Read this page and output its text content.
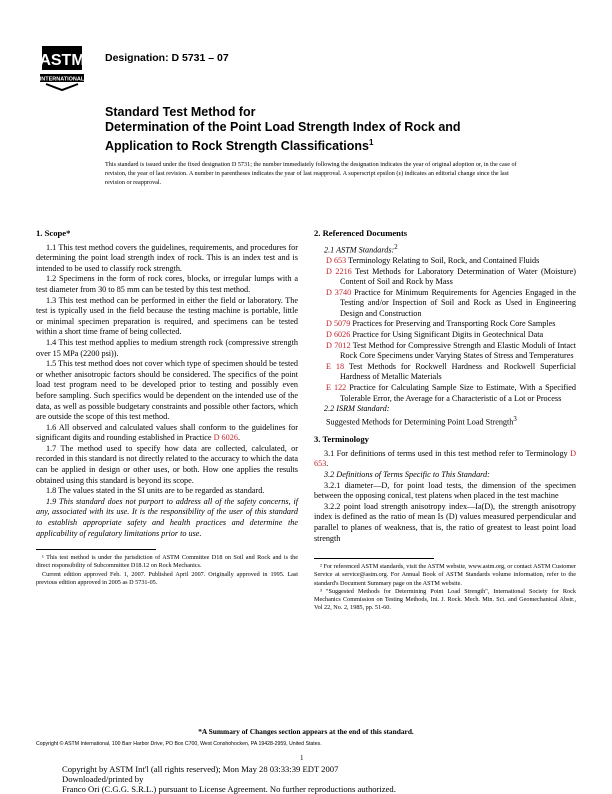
ASTM
INTERNATIONAL
Designation: D 5731 – 07
Standard Test Method for
Determination of the Point Load Strength Index of Rock and
Application to Rock Strength Classifications$^1$
This standard is issued under the fixed designation D 5731; the number immediately following the designation indicates the year of original adoption or, in the case of revision, the year of last revision. A number in parentheses indicates the year of last reapproval. A superscript epsilon (ε) indicates an editorial change since the last revision or reapproval.
1. Scope*

1.1 This test method covers the guidelines, requirements, and procedures for determining the point load strength index of rock. This is an index test and is intended to be used to classify rock strength.

1.2 Specimens in the form of rock cores, blocks, or irregular lumps with a test diameter from 30 to 85 mm can be tested by this test method.

1.3 This test method can be performed in either the field or laboratory. The test is typically used in the field because the testing machine is portable, little or minimal specimen preparation is required, and specimens can be tested within a short time frame of being collected.

1.4 This test method applies to medium strength rock (compressive strength over 15 MPa (2200 psi)).

1.5 This test method does not cover which type of specimen should be tested or whether anisotropic factors should be considered. The specifics of the point load test program need to be developed prior to testing and possibly even before sampling. Such specifics would be dependent on the intended use of the data, as well as possible budgetary constraints and possible other factors, which are outside the scope of this test method.

1.6 All observed and calculated values shall conform to the guidelines for significant digits and rounding established in Practice D 6026.

1.7 The method used to specify how data are collected, calculated, or recorded in this standard is not directly related to the accuracy to which the data can be applied in design or other uses, or both. How one applies the results obtained using this standard is beyond its scope.

1.8 The values stated in the SI units are to be regarded as standard.

1.9 This standard does not purport to address all of the safety concerns, if any, associated with its use. It is the responsibility of the user of this standard to establish appropriate safety and health practices and determine the applicability of regulatory limitations prior to use.

¹ This test method is under the jurisdiction of ASTM Committee D18 on Soil and Rock and is the direct responsibility of Subcommittee D18.12 on Rock Mechanics.

Current edition approved Feb. 1, 2007. Published April 2007. Originally approved in 1995. Last previous edition approved in 2005 as D 5731-05.

2. Referenced Documents

2.1 ASTM Standards:$^2$

D 653 Terminology Relating to Soil, Rock, and Contained Fluids
D 2216 Test Methods for Laboratory Determination of Water (Moisture) Content of Soil and Rock by Mass
D 3740 Practice for Minimum Requirements for Agencies Engaged in the Testing and/or Inspection of Soil and Rock as Used in Engineering Design and Construction
D 5079 Practices for Preserving and Transporting Rock Core Samples
D 6026 Practice for Using Significant Digits in Geotechnical Data
D 7012 Test Method for Compressive Strength and Elastic Moduli of Intact Rock Core Specimens under Varying States of Stress and Temperatures
E 18 Test Methods for Rockwell Hardness and Rockwell Superficial Hardness of Metallic Materials
E 122 Practice for Calculating Sample Size to Estimate, With a Specified Tolerable Error, the Average for a Characteristic of a Lot or Process

2.2 ISRM Standard:

Suggested Methods for Determining Point Load Strength$^3$
3. Terminology

3.1 For definitions of terms used in this test method refer to Terminology D 653.

3.2 Definitions of Terms Specific to This Standard:

3.2.1 diameter—D, for point load tests, the dimension of the specimen between the opposing conical, test platens when placed in the test machine

3.2.2 point load strength anisotropy index—Ia(D), the strength anisotropy index is defined as the ratio of mean Is (D) values measured perpendicular and parallel to planes of weakness, that is, the ratio of greatest to least point load strength

² For referenced ASTM standards, visit the ASTM website, www.astm.org, or contact ASTM Customer Service at service@astm.org. For Annual Book of ASTM Standards volume information, refer to the standard's Document Summary page on the ASTM website.

³ "Suggested Methods for Determining Point Load Strength", International Society for Rock Mechanics Commission on Testing Methods, Int. J. Rock. Mech. Min. Sci. and Geomechanical Abstr., Vol 22, No. 2, 1985, pp. 51-60.

*A Summary of Changes section appears at the end of this standard.
Copyright © ASTM International, 100 Barr Harbor Drive, PO Box C700, West Conshohocken, PA 19428-2959, United States.
1
Copyright by ASTM Int'l (all rights reserved); Mon May 28 03:33:39 EDT 2007
Downloaded/printed by
Franco Ori (C.G.G. S.R.L.) pursuant to License Agreement. No further reproductions authorized.
